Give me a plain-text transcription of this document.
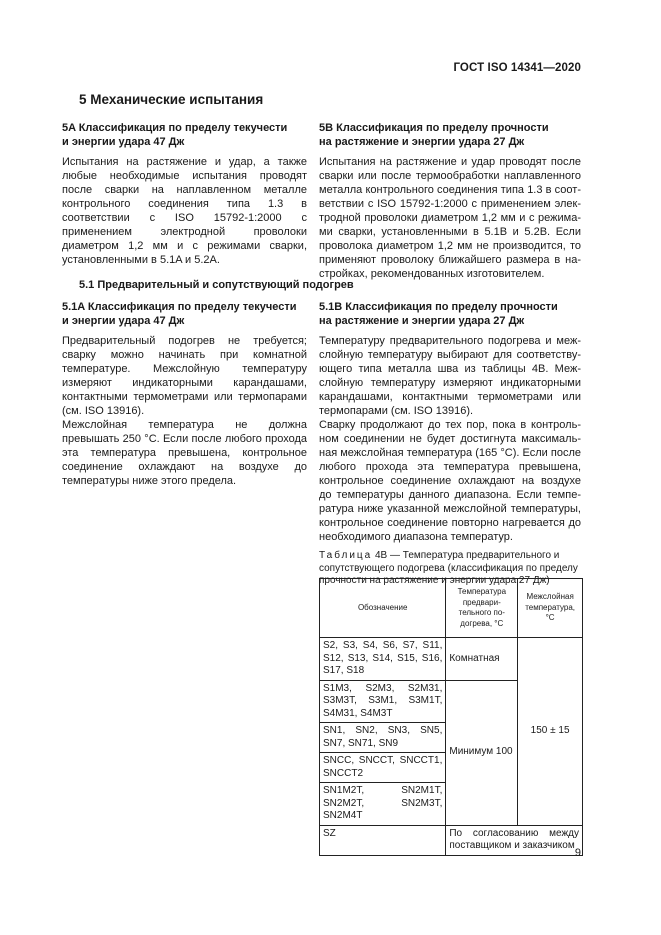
ГОСТ ISO 14341—2020
5 Механические испытания

5A Классификация по пределу текучести

и энергии удара 47 Дж

Испытания на растяжение и удар, а также любые необходимые испытания проводят после сварки на наплавленном металле контрольного соединения типа 1.3 в соответствии с ISO 15792-1:2000 с применением электродной проволоки диаметром 1,2 мм и с режимами сварки, установленными в 5.1A и 5.2A.

5B Классификация по пределу прочности

на растяжение и энергии удара 27 Дж

Испытания на растяжение и удар проводят после сварки или после термообработки наплавленного металла контрольного соединения типа 1.3 в соответствии с ISO 15792-1:2000 с применением электродной проволоки диаметром 1,2 мм и с режимами сварки, установленными в 5.1B и 5.2B. Если проволока диаметром 1,2 мм не производится, то применяют проволоку ближайшего размера в настройках, рекомендованных изготовителем.

5.1 Предварительный и сопутствующий подогрев

5.1A Классификация по пределу текучести

и энергии удара 47 Дж

Предварительный подогрев не требуется; сварку можно начинать при комнатной температуре. Межслойную температуру измеряют индикаторными карандашами, контактными термометрами или термопарами (см. ISO 13916).

Межслойная температура не должна превышать 250 °C. Если после любого прохода эта температура превышена, контрольное соединение охлаждают на воздухе до температуры ниже этого предела.

5.1B Классификация по пределу прочности

на растяжение и энергии удара 27 Дж

Температуру предварительного подогрева и межслойную температуру выбирают для соответствующего типа металла шва из таблицы 4B. Межслойную температуру измеряют индикаторными карандашами, контактными термометрами или термопарами (см. ISO 13916).

Сварку продолжают до тех пор, пока в контрольном соединении не будет достигнута максимальная межслойная температура (165 °C). Если после любого прохода эта температура превышена, контрольное соединение охлаждают на воздухе до температуры данного диапазона. Если температура ниже указанной межслойной температуры, контрольное соединение повторно нагревается до необходимого диапазона температур.

Таблица 4B — Температура предварительного и сопутствующего подогрева (классификация по пределу прочности на растяжение и энергии удара 27 Дж)

Обозначение	Температура предварительного подогрева, °С	Межслойная температура, °С
S2, S3, S4, S6, S7, S11, S12, S13, S14, S15, S16, S17, S18	Комнатная	150 ± 15
S1M3, S2M3, S2M31, S3M3T, S3M1, S3M1T, S4M31, S4M3T	Минимум 100	
SN1, SN2, SN3, SN5, SN7, SN71, SN9		
SNCC, SNCCT, SNCCT1, SNCCT2		
SN1M2T, SN2M1T, SN2M2T, SN2M3T, SN2M4T		
SZ	По согласованию между поставщиком и заказчиком	
9
